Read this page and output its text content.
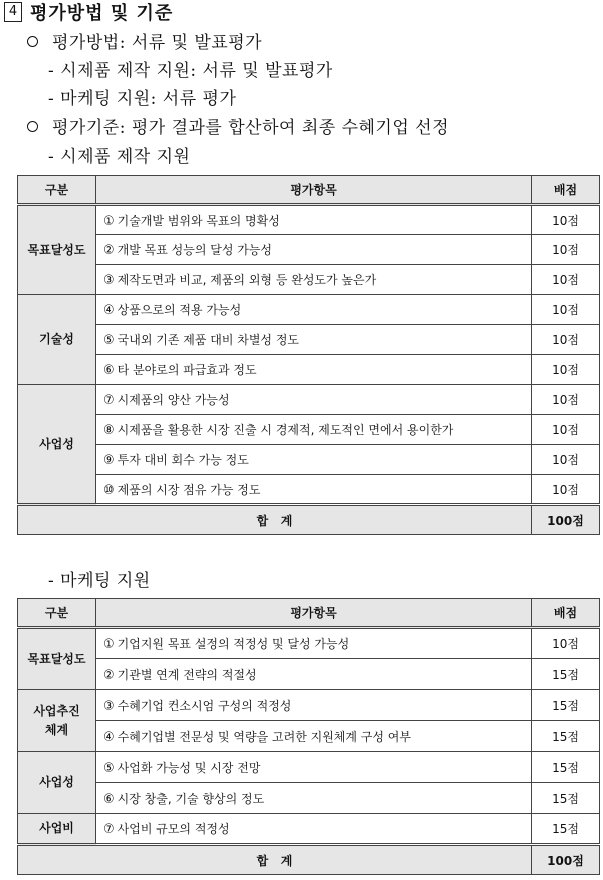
4 평가방법 및 기준
평가방법: 서류 및 발표평가
- 시제품 제작 지원: 서류 및 발표평가
- 마케팅 지원: 서류 평가
평가기준: 평가 결과를 합산하여 최종 수혜기업 선정
- 시제품 제작 지원
구분	평가항목	배점
목표달성도	① 기술개발 범위와 목표의 명확성	10점
	② 개발 목표 성능의 달성 가능성	10점
	③ 제작도면과 비교, 제품의 외형 등 완성도가 높은가	10점
기술성	④ 상품으로의 적용 가능성	10점
	⑤ 국내외 기존 제품 대비 차별성 정도	10점
	⑥ 타 분야로의 파급효과 정도	10점
사업성	⑦ 시제품의 양산 가능성	10점
	⑧ 시제품을 활용한 시장 진출 시 경제적, 제도적인 면에서 용이한가	10점
	⑨ 투자 대비 회수 가능 정도	10점
	⑩ 제품의 시장 점유 가능 정도	10점
합   계		100점
- 마케팅 지원
구분	평가항목	배점
목표달성도	① 기업지원 목표 설정의 적정성 및 달성 가능성	10점
	② 기관별 연계 전략의 적절성	15점
사업추진
체계	③ 수혜기업 컨소시엄 구성의 적정성	15점
	④ 수혜기업별 전문성 및 역량을 고려한 지원체계 구성 여부	15점
사업성	⑤ 사업화 가능성 및 시장 전망	15점
	⑥ 시장 창출, 기술 향상의 정도	15점
사업비	⑦ 사업비 규모의 적정성	15점
합   계		100점
